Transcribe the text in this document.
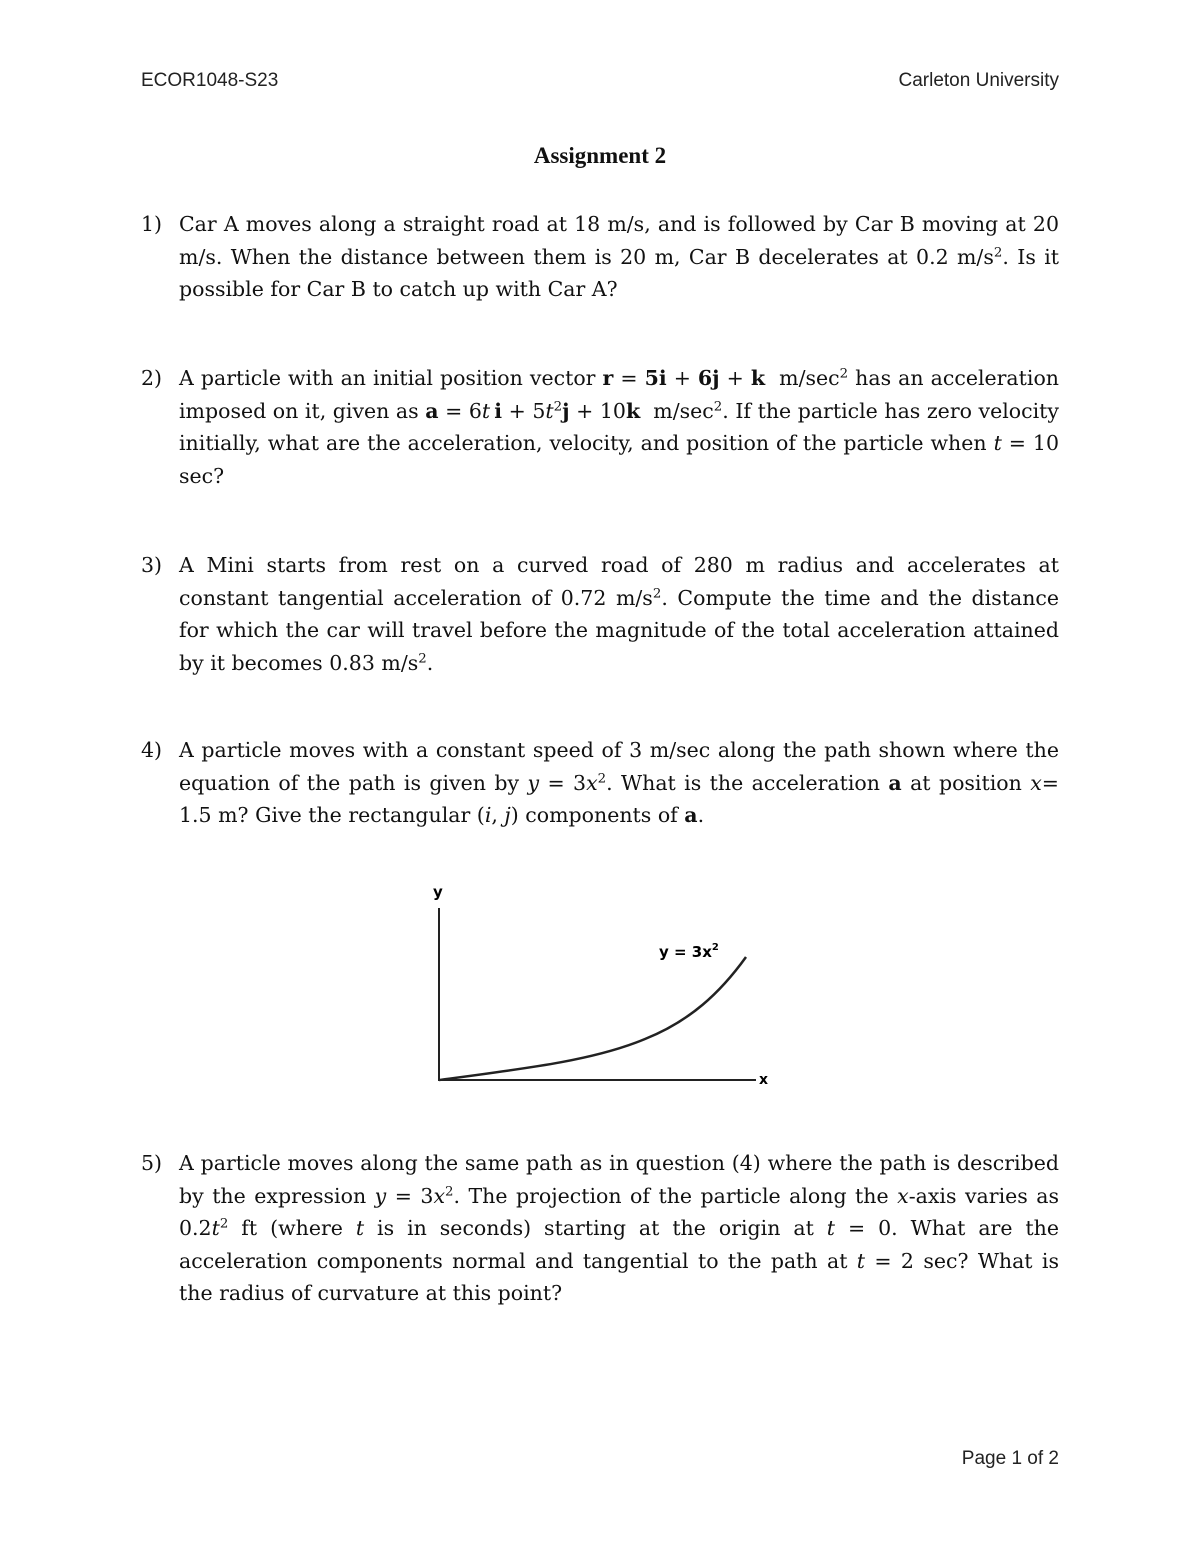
ECOR1048-S23	Carleton University
Assignment 2
1) Car A moves along a straight road at 18 m/s, and is followed by Car B moving at 20 m/s. When the distance between them is 20 m, Car B decelerates at 0.2 $m/s^2$. Is it possible for Car B to catch up with Car A?
2) A particle with an initial position vector r = 5i + 6j + k  $m/\sec^2$ has an acceleration imposed on it, given as a = 6t  $i + 5t^2j + 10k$  $m/\sec^2$. If the particle has zero velocity initially, what are the acceleration, velocity, and position of the particle when t = 10 sec?
3) A Mini starts from rest on a curved road of 280 m radius and accelerates at constant tangential acceleration of 0.72 $m/s^2$. Compute the time and the distance for which the car will travel before the magnitude of the total acceleration attained by it becomes 0.83 $m/s^2$.
4) A particle moves with a constant speed of 3 m/sec along the path shown where the equation of the path is given by $y = 3x^2$. What is the acceleration a at position x= 1.5 m? Give the rectangular (i, j) components of a.
y
x
$y = 3x^2$
5) A particle moves along the same path as in question (4) where the path is described by the expression $y = 3x^2$. The projection of the particle along the x-axis varies as $0.2t^2$ ft (where t is in seconds) starting at the origin at t = 0. What are the acceleration components normal and tangential to the path at t = 2 sec? What is the radius of curvature at this point?
Page 1 of 2
